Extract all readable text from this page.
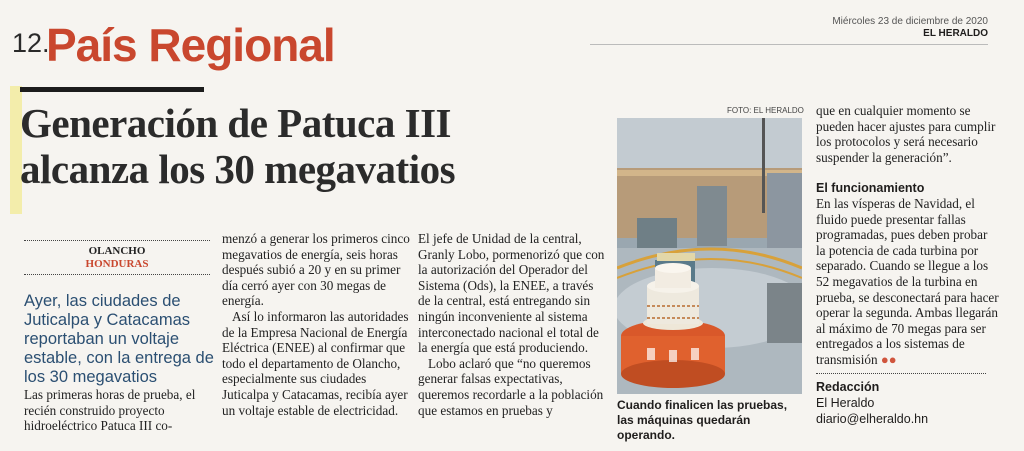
12.
País Regional	Miércoles 23 de diciembre de 2020
EL HERALDO
Generación de Patuca III
alcanza los 30 megavatios
OLANCHO
HONDURAS
Ayer, las ciudades de Juticalpa y Catacamas reportaban un voltaje estable, con la entrega de los 30 megavatios

Las primeras horas de prueba, el recién construido proyecto hidroeléctrico Patuca III co-

menzó a generar los primeros cinco megavatios de energía, seis horas después subió a 20 y en su primer día cerró ayer con 30 megas de energía.

Así lo informaron las autoridades de la Empresa Nacional de Energía Eléctrica (ENEE) al confirmar que todo el departamento de Olancho, especialmente sus ciudades Juticalpa y Catacamas, recibía ayer un voltaje estable de electricidad.

El jefe de Unidad de la central, Granly Lobo, pormenorizó que con la autorización del Operador del Sistema (Ods), la ENEE, a través de la central, está entregando sin ningún inconveniente al sistema interconectado nacional el total de la energía que está produciendo.

Lobo aclaró que “no queremos generar falsas expectativas, queremos recordarle a la población que estamos en pruebas y

FOTO: EL HERALDO
Cuando finalicen las pruebas, las máquinas quedarán operando.

que en cualquier momento se pueden hacer ajustes para cumplir los protocolos y será necesario suspender la generación”.

El funcionamiento

En las vísperas de Navidad, el fluido puede presentar fallas programadas, pues deben probar la potencia de cada turbina por separado. Cuando se llegue a los 52 megavatios de la turbina en prueba, se desconectará para hacer operar la segunda. Ambas llegarán al máximo de 70 megas para ser entregados a los sistemas de transmisión ●●

Redacción
El Heraldo
diario@elheraldo.hn
